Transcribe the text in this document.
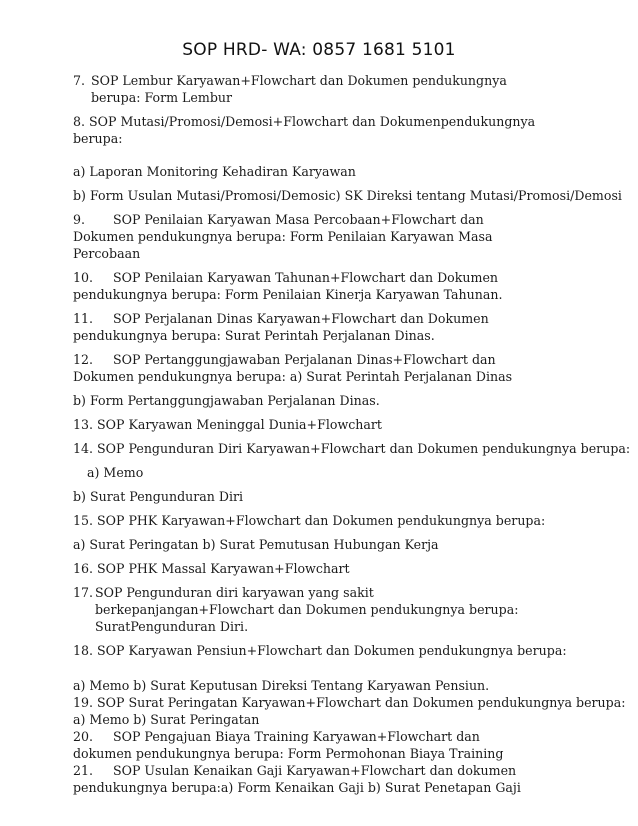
SOP HRD- WA: 0857 1681 5101
7. SOP Lembur Karyawan+Flowchart dan Dokumen pendukungnya berupa: Form Lembur

8. SOP Mutasi/Promosi/Demosi+Flowchart dan Dokumenpendukungnya berupa:

a) Laporan Monitoring Kehadiran Karyawan

b) Form Usulan Mutasi/Promosi/Demosic) SK Direksi tentang Mutasi/Promosi/Demosi

9. SOP Penilaian Karyawan Masa Percobaan+Flowchart dan Dokumen pendukungnya berupa: Form Penilaian Karyawan Masa Percobaan
10. SOP Penilaian Karyawan Tahunan+Flowchart dan Dokumen pendukungnya berupa: Form Penilaian Kinerja Karyawan Tahunan.
11. SOP Perjalanan Dinas Karyawan+Flowchart dan Dokumen pendukungnya berupa: Surat Perintah Perjalanan Dinas.
12. SOP Pertanggungjawaban Perjalanan Dinas+Flowchart dan Dokumen pendukungnya berupa: a) Surat Perintah Perjalanan Dinas

b) Form Pertanggungjawaban Perjalanan Dinas.

13. SOP Karyawan Meninggal Dunia+Flowchart

14. SOP Pengunduran Diri Karyawan+Flowchart dan Dokumen pendukungnya berupa:

a) Memo

b) Surat Pengunduran Diri

15. SOP PHK Karyawan+Flowchart dan Dokumen pendukungnya berupa:

a) Surat Peringatan b) Surat Pemutusan Hubungan Kerja

16. SOP PHK Massal Karyawan+Flowchart

17. SOP Pengunduran diri karyawan yang sakit berkepanjangan+Flowchart dan Dokumen pendukungnya berupa: SuratPengunduran Diri.

18. SOP Karyawan Pensiun+Flowchart dan Dokumen pendukungnya berupa:

a) Memo b) Surat Keputusan Direksi Tentang Karyawan Pensiun.

19. SOP Surat Peringatan Karyawan+Flowchart dan Dokumen pendukungnya berupa:

a) Memo b) Surat Peringatan

20. SOP Pengajuan Biaya Training Karyawan+Flowchart dan dokumen pendukungnya berupa: Form Permohonan Biaya Training
21. SOP Usulan Kenaikan Gaji Karyawan+Flowchart dan dokumen pendukungnya berupa:a) Form Kenaikan Gaji b) Surat Penetapan Gaji
